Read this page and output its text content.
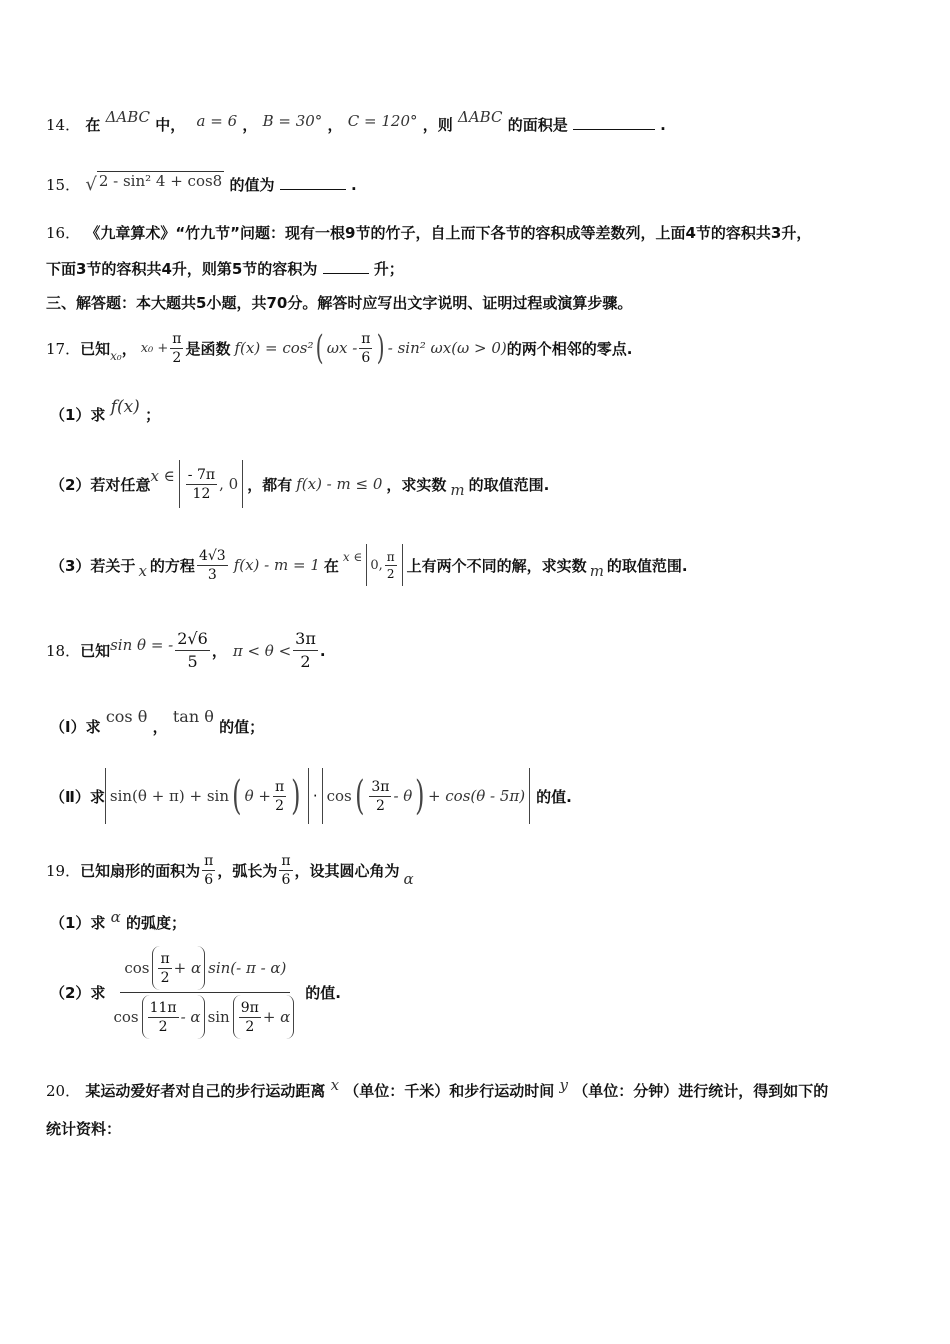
14． 在 ΔABC 中， a = 6 ， B = 30° ， C = 120° ，则 ΔABC 的面积是	.
15． √ 2 - sin² 4 + cos8 的值为	.
16． 《九章算术》“竹九节”问题：现有一根9节的竹子，自上而下各节的容积成等差数列，上面4节的容积共3升，
下面3节的容积共4升，则第5节的容积为	升；
三、解答题：本大题共5小题，共70分。解答时应写出文字说明、证明过程或演算步骤。
17． 已知 x₀ ， $x_0 + \frac{\pi}{2}$ 是函数 f(x) = cos² ( ωx - $\frac{\pi}{6}$ ) - sin² ωx(ω > 0) 的两个相邻的零点.
（1）求 f(x) ；
（2）若对任意 x ∈ $\frac{- 7\pi}{12}$ , 0 ，都有 f(x) - m ≤ 0 ，求实数 m 的取值范围.
（3）若关于 x 的方程 $\frac{4√3}{3} f(x) - m = 1$ 在 x ∈
0, $\frac{\pi}{2}$ 上有两个不同的解，求实数 m 的取值范围.
18． 已知 sin θ = - $\frac{2√6}{5}$ ， $\pi < \theta < \frac{3\pi}{2}$ .
（Ⅰ）求 cos θ ， tan θ 的值；
（Ⅱ）求 sin(θ + π) + sin ( $\theta + \frac{\pi}{2}$ ) · cos ( $\frac{3\pi}{2}$ - θ ) + cos(θ - 5π) 的值.
19． 已知扇形的面积为 $\frac{\pi}{6}$ ，弧长为 $\frac{\pi}{6}$ ，设其圆心角为 α
（1）求 α 的弧度；
（2）求
$\cos \frac{\pi}{2} + \alpha$ sin(- π - α)
$\cos \frac{11\pi}{2}$ - α $\sin \frac{9\pi}{2} + \alpha$
的值.
20． 某运动爱好者对自己的步行运动距离 x （单位：千米）和步行运动时间 y （单位：分钟）进行统计，得到如下的
统计资料：
